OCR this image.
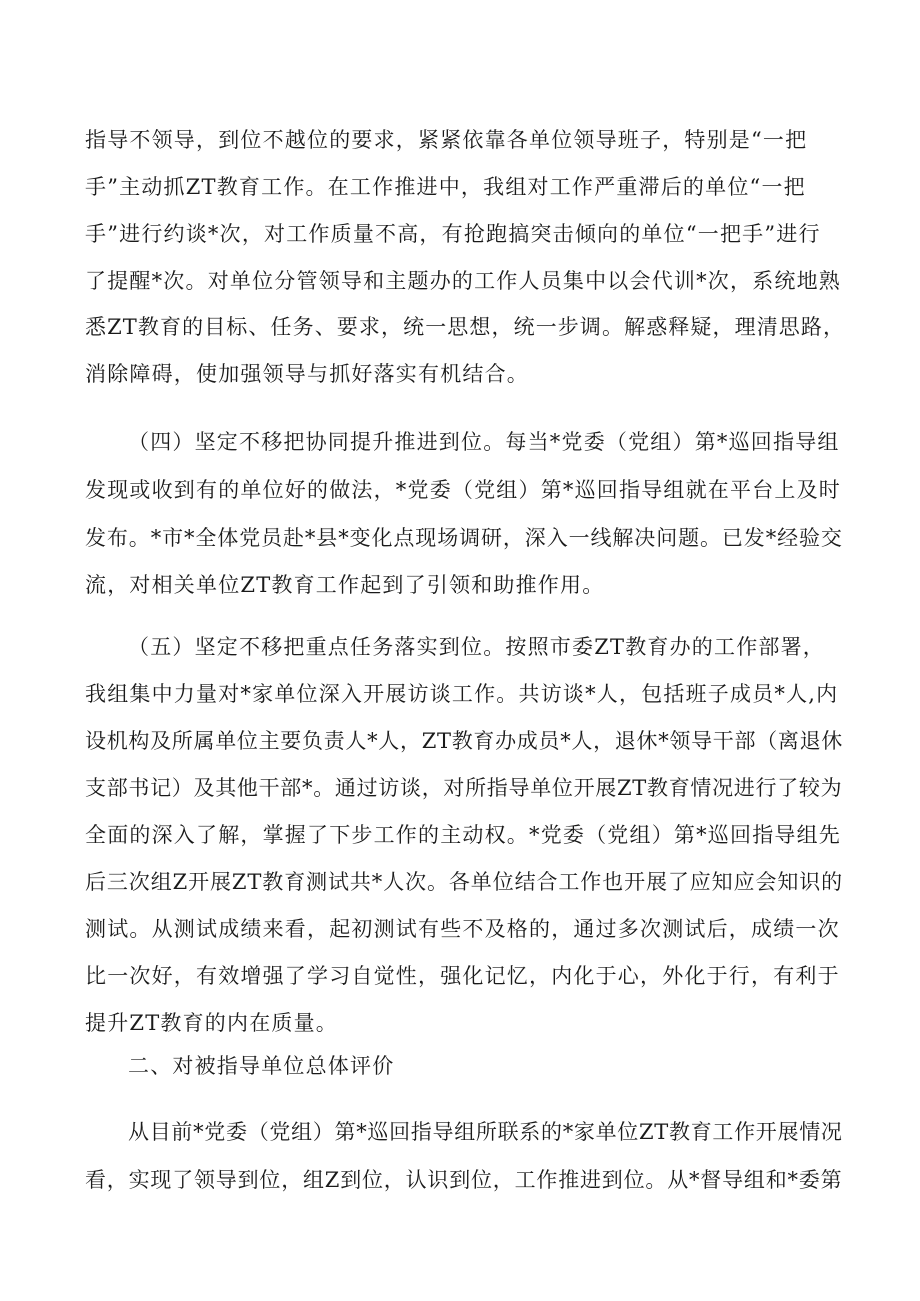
指导不领导，到位不越位的要求，紧紧依靠各单位领导班子，特别是“一把
手”主动抓ZT教育工作。在工作推进中，我组对工作严重滞后的单位“一把
手”进行约谈*次，对工作质量不高，有抢跑搞突击倾向的单位“一把手”进行
了提醒*次。对单位分管领导和主题办的工作人员集中以会代训*次，系统地熟
悉ZT教育的目标、任务、要求，统一思想，统一步调。解惑释疑，理清思路，
消除障碍，使加强领导与抓好落实有机结合。
（四）坚定不移把协同提升推进到位。每当*党委（党组）第*巡回指导组
发现或收到有的单位好的做法，*党委（党组）第*巡回指导组就在平台上及时
发布。*市*全体党员赴*县*变化点现场调研，深入一线解决问题。已发*经验交
流，对相关单位ZT教育工作起到了引领和助推作用。
（五）坚定不移把重点任务落实到位。按照市委ZT教育办的工作部署，
我组集中力量对*家单位深入开展访谈工作。共访谈*人，包括班子成员*人,内
设机构及所属单位主要负责人*人，ZT教育办成员*人，退休*领导干部（离退休
支部书记）及其他干部*。通过访谈，对所指导单位开展ZT教育情况进行了较为
全面的深入了解，掌握了下步工作的主动权。*党委（党组）第*巡回指导组先
后三次组Z开展ZT教育测试共*人次。各单位结合工作也开展了应知应会知识的
测试。从测试成绩来看，起初测试有些不及格的，通过多次测试后，成绩一次
比一次好，有效增强了学习自觉性，强化记忆，内化于心，外化于行，有利于
提升ZT教育的内在质量。
二、对被指导单位总体评价
从目前*党委（党组）第*巡回指导组所联系的*家单位ZT教育工作开展情况
看，实现了领导到位，组Z到位，认识到位，工作推进到位。从*督导组和*委第
